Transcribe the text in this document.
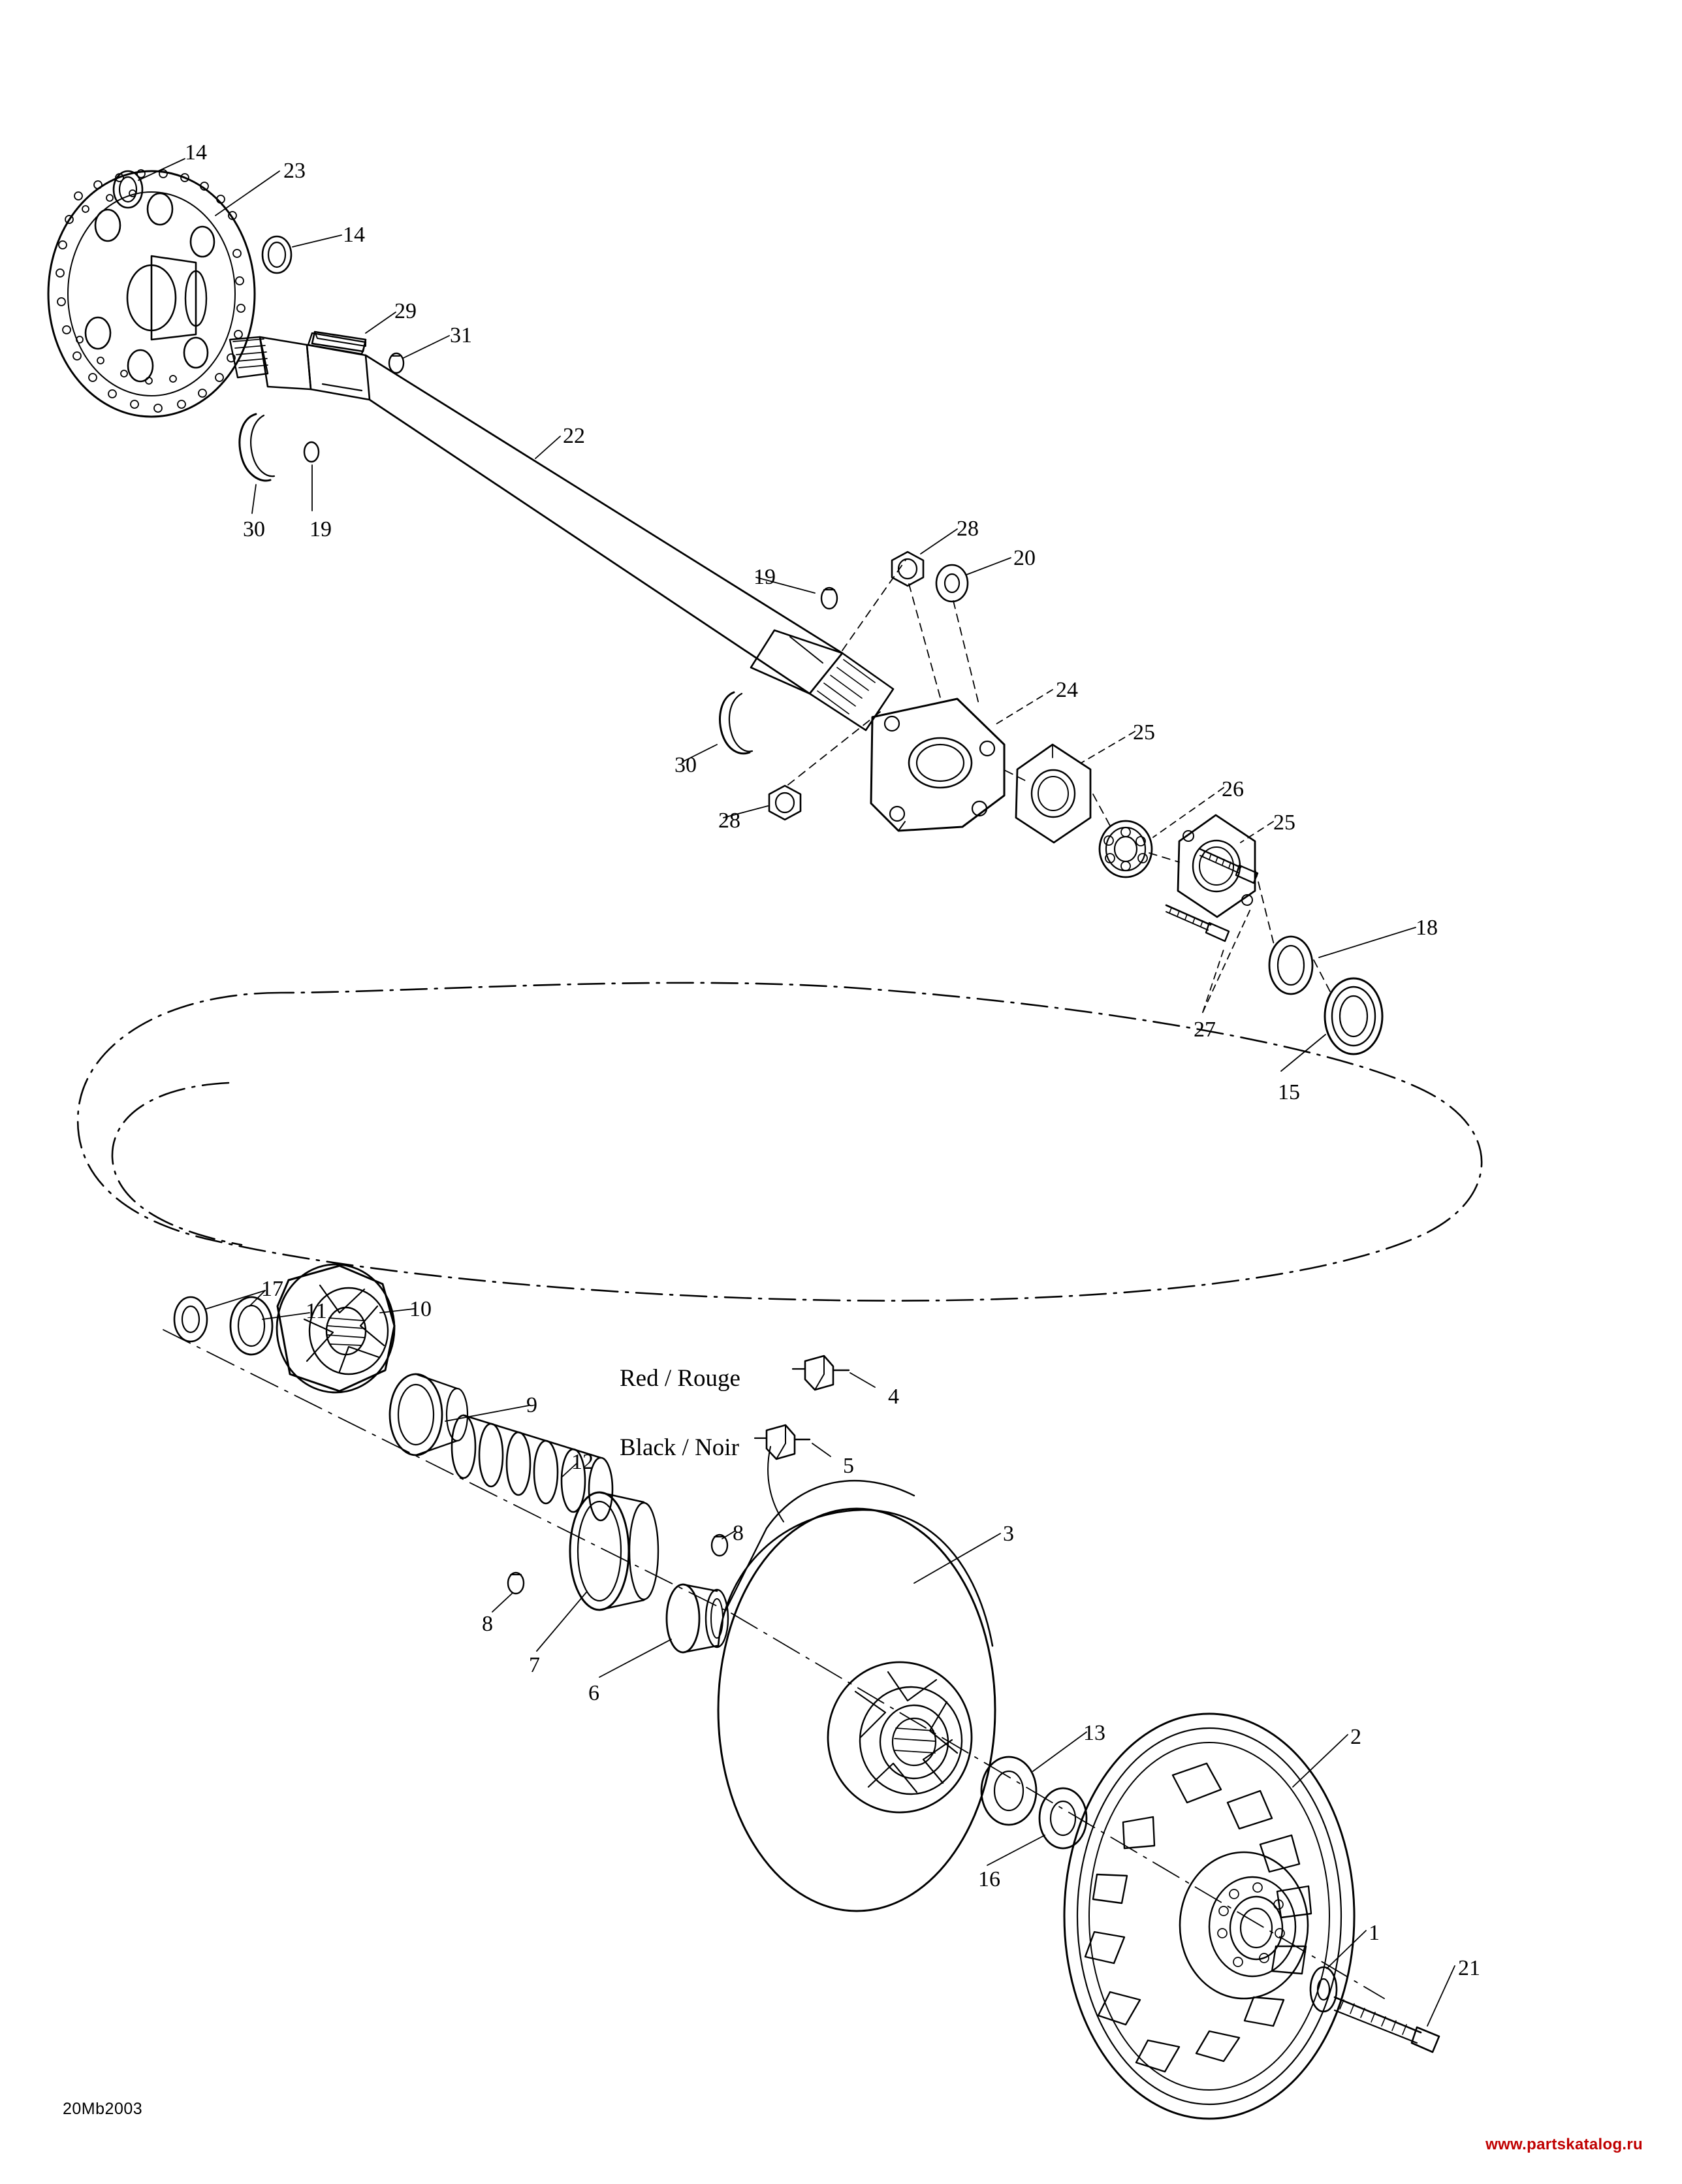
Red / Rouge
Black / Noir
14
23
14
29
31
22
30 19	28
20
19
24
25
30
26
25
28
18
27
15
17
11	10
9	4
12	5
8	3
8
7
6
13	2
16
1
21
20Mb2003
www.partskatalog.ru
